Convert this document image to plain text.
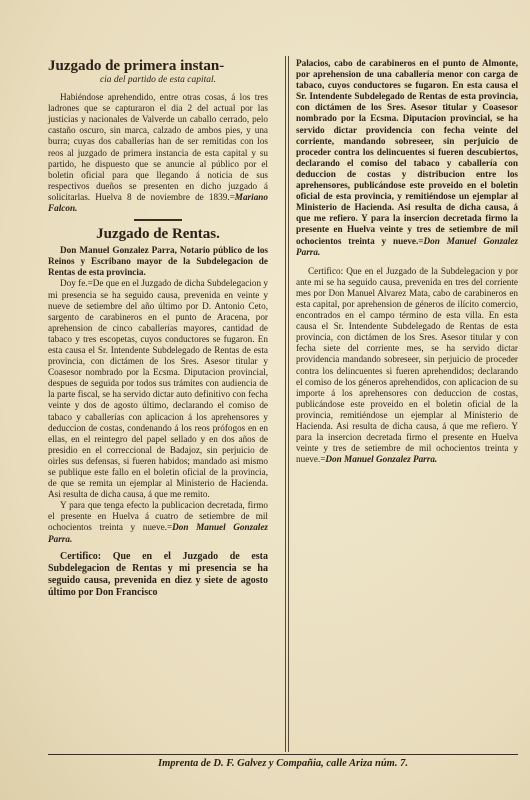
Juzgado de primera instan-
cia del partido de esta capital.

Habiéndose aprehendido, entre otras cosas, á los tres ladrones que se capturaron el dia 2 del actual por las justicias y nacionales de Valverde un caballo cerrado, pelo castaño oscuro, sin marca, calzado de ambos pies, y una burra; cuyas dos caballerías han de ser remitidas con los reos al juzgado de primera instancia de esta capital y su partido, he dispuesto que se anuncie al público por el boletin oficial para que llegando á noticia de sus respectivos dueños se presenten en dicho juzgado á solicitarlas. Huelva 8 de noviembre de 1839.=Mariano Falcon.

Juzgado de Rentas.

Don Manuel Gonzalez Parra, Notario público de los Reinos y Escribano mayor de la Subdelegacion de Rentas de esta provincia.

Doy fe.=De que en el Juzgado de dicha Subdelegacion y mi presencia se ha seguido causa, prevenida en veinte y nueve de setiembre del año último por D. Antonio Ceto, sargento de carabineros en el punto de Aracena, por aprehension de cinco caballerías mayores, cantidad de tabaco y tres escopetas, cuyos conductores se fugaron. En esta causa el Sr. Intendente Subdelegado de Rentas de esta provincia, con dictámen de los Sres. Asesor titular y Coasesor nombrado por la Ecsma. Diputacion provincial, despues de seguida por todos sus trámites con audiencia de la parte fiscal, se ha servido dictar auto definitivo con fecha veinte y dos de agosto último, declarando el comiso de tabaco y caballerías con aplicacion á los aprehensores y deduccion de costas, condenando á los reos prófogos en en ellas, en el reintegro del papel sellado y en dos años de presidio en el correccional de Badajoz, sin perjuicio de oirles sus defensas, si fueren habidos; mandado asi mismo se publique este fallo en el boletin oficial de la provincia, de que se remita un ejemplar al Ministerio de Hacienda. Asi resulta de dicha causa, á que me remito.

Y para que tenga efecto la publicacion decretada, firmo el presente en Huelva á cuatro de setiembre de mil ochocientos treinta y nueve.=Don Manuel Gonzalez Parra.

Certifico: Que en el Juzgado de esta Subdelegacion de Rentas y mi presencia se ha seguido causa, prevenida en diez y siete de agosto último por Don Francisco

Palacios, cabo de carabineros en el punto de Almonte, por aprehension de una caballería menor con carga de tabaco, cuyos conductores se fugaron. En esta causa el Sr. Intendente Subdelegado de Rentas de esta provincia, con dictámen de los Sres. Asesor titular y Coasesor nombrado por la Ecsma. Diputacion provincial, se ha servido dictar providencia con fecha veinte del corriente, mandando sobreseer, sin perjuicio de proceder contra los delincuentes si fueren descubiertos, declarando el comiso del tabaco y caballería con deduccion de costas y distribucion entre los aprehensores, publicándose este proveido en el boletin oficial de esta provincia, y remitiéndose un ejemplar al Ministerio de Hacienda. Asi resulta de dicha causa, á que me refiero. Y para la insercion decretada firmo la presente en Huelva veinte y tres de setiembre de mil ochocientos treinta y nueve.=Don Manuel Gonzalez Parra.

Certifico: Que en el Juzgado de la Subdelegacion y por ante mi se ha seguido causa, prevenida en tres del corriente mes por Don Manuel Alvarez Mata, cabo de carabineros en esta capital, por aprehension de géneros de ilícito comercio, encontrados en el campo término de esta villa. En esta causa el Sr. Intendente Subdelegado de Rentas de esta provincia, con dictámen de los Sres. Asesor titular y con fecha siete del corriente mes, se ha servido dictar providencia mandando sobreseer, sin perjuicio de proceder contra los delincuentes si fueren aprehendidos; declarando el comiso de los géneros aprehendidos, con aplicacion de su importe á los aprehensores con deduccion de costas, publicándose este proveido en el boletin oficial de la provincia, remitiéndose un ejemplar al Ministerio de Hacienda. Asi resulta de dicha causa, á que me refiero. Y para la insercion decretada firmo el presente en Huelva veinte y tres de setiembre de mil ochocientos treinta y nueve.=Don Manuel Gonzalez Parra.

Imprenta de D. F. Galvez y Compañia, calle Ariza núm. 7.
